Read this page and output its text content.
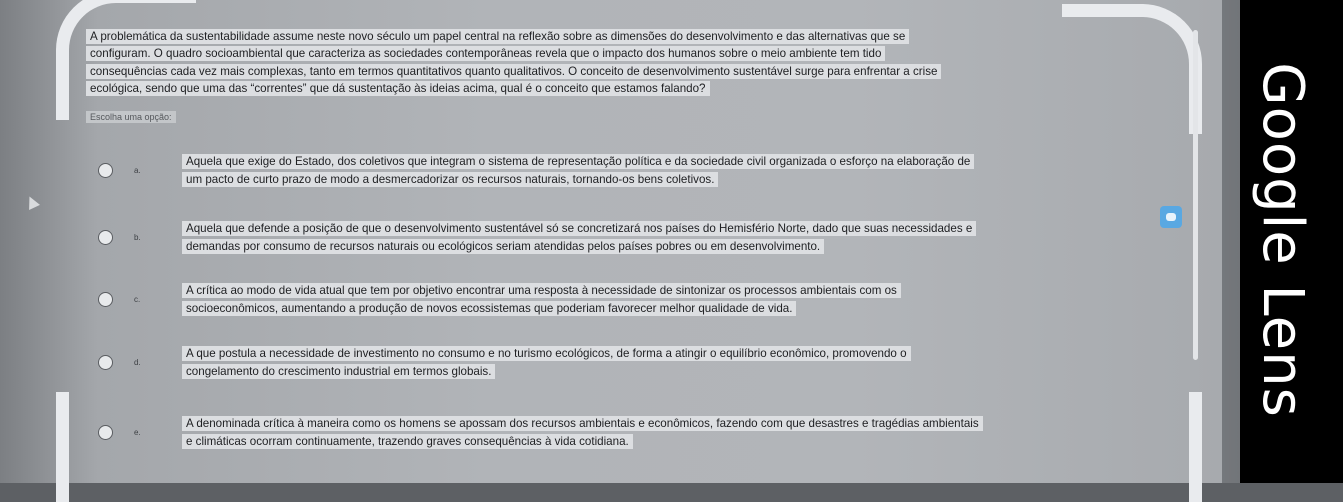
A problemática da sustentabilidade assume neste novo século um papel central na reflexão sobre as dimensões do desenvolvimento e das alternativas que se
configuram. O quadro socioambiental que caracteriza as sociedades contemporâneas revela que o impacto dos humanos sobre o meio ambiente tem tido
consequências cada vez mais complexas, tanto em termos quantitativos quanto qualitativos. O conceito de desenvolvimento sustentável surge para enfrentar a crise
ecológica, sendo que uma das “correntes” que dá sustentação às ideias acima, qual é o conceito que estamos falando?
Escolha uma opção:
a.
Aquela que exige do Estado, dos coletivos que integram o sistema de representação política e da sociedade civil organizada o esforço na elaboração de
um pacto de curto prazo de modo a desmercadorizar os recursos naturais, tornando-os bens coletivos.
b.
Aquela que defende a posição de que o desenvolvimento sustentável só se concretizará nos países do Hemisfério Norte, dado que suas necessidades e
demandas por consumo de recursos naturais ou ecológicos seriam atendidas pelos países pobres ou em desenvolvimento.
c.
A crítica ao modo de vida atual que tem por objetivo encontrar uma resposta à necessidade de sintonizar os processos ambientais com os
socioeconômicos, aumentando a produção de novos ecossistemas que poderiam favorecer melhor qualidade de vida.
d.
A que postula a necessidade de investimento no consumo e no turismo ecológicos, de forma a atingir o equilíbrio econômico, promovendo o
congelamento do crescimento industrial em termos globais.
e.
A denominada crítica à maneira como os homens se apossam dos recursos ambientais e econômicos, fazendo com que desastres e tragédias ambientais
e climáticas ocorram continuamente, trazendo graves consequências à vida cotidiana.
Google Lens
